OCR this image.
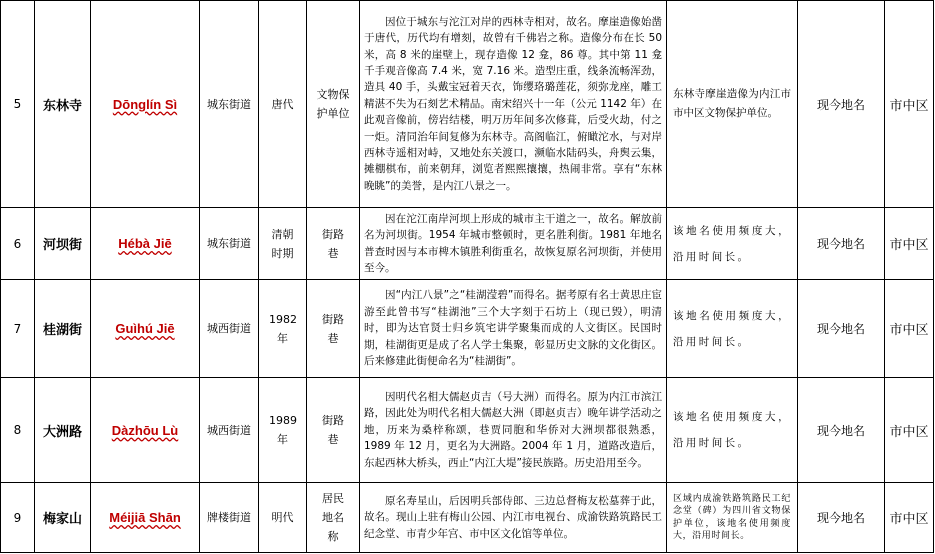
5	东林寺	Dōnglín Sì	城东街道	唐代	文物保护单位	因位于城东与沱江对岸的西林寺相对，故名。摩崖造像始凿于唐代，历代均有增刻，故曾有千佛岩之称。造像分布在长 50 米，高 8 米的崖壁上，现存造像 12 龛，86 尊。其中第 11 龛千手观音像高 7.4 米，宽 7.16 米。造型庄重，线条流畅浑劲，造具 40 手，头戴宝冠着天衣，饰缨珞璐莲花，须弥龙座，雕工精湛不失为石刻艺术精品。南宋绍兴十一年（公元 1142 年）在此观音像前，傍岩结楼，明万历年间多次修葺，后受火劫，付之一炬。清同治年间复修为东林寺。高阁临江，俯瞰沱水，与对岸西林寺遥相对峙，又地处东关渡口，濒临水陆码头，舟舆云集，摊棚棋布，前来朝拜，浏览者熙熙攘攘，热闹非常。享有“东林晚眺”的美誉，是内江八景之一。	东林寺摩崖造像为内江市市中区文物保护单位。	现今地名	市中区
6	河坝街	Hébà Jiē	城东街道	清朝时期	街路巷	因在沱江南岸河坝上形成的城市主干道之一，故名。解放前名为河坝街。1954 年城市整顿时，更名胜利街。1981 年地名普查时因与本市椑木镇胜利街重名，故恢复原名河坝街，并使用至今。	该地名使用频度大，沿用时间长。	现今地名	市中区
7	桂湖街	Guìhú Jiē	城西街道	1982 年	街路巷	因“内江八景”之“桂湖滢碧”而得名。据考原有名士黄思庄宦游至此曾书写“桂湖池”三个大字刻于石坊上（现已毁），明清时，即为达官贤士归乡筑宅讲学聚集而成的人文街区。民国时期，桂湖街更是成了名人学士集聚，彰显历史文脉的文化街区。后来修建此街便命名为“桂湖街”。	该地名使用频度大，沿用时间长。	现今地名	市中区
8	大洲路	Dàzhōu Lù	城西街道	1989 年	街路巷	因明代名相大儒赵贞吉（号大洲）而得名。原为内江市滨江路，因此处为明代名相大儒赵大洲（即赵贞吉）晚年讲学活动之地，历来为桑梓称颂，巷贾同胞和华侨对大洲坝都很熟悉，1989 年 12 月，更名为大洲路。2004 年 1 月，道路改造后，东起西林大桥头，西止“内江大堤”接民族路。历史沿用至今。	该地名使用频度大，沿用时间长。	现今地名	市中区
9	梅家山	Méijiā Shān	牌楼街道	明代	居民地名称	原名寿星山，后因明兵部侍郎、三边总督梅友松墓葬于此，故名。现山上驻有梅山公园、内江市电视台、成渝铁路筑路民工纪念堂、市青少年宫、市中区文化馆等单位。	区域内成渝铁路筑路民工纪念堂（碑）为四川省文物保护单位，该地名使用频度大，沿用时间长。	现今地名	市中区
